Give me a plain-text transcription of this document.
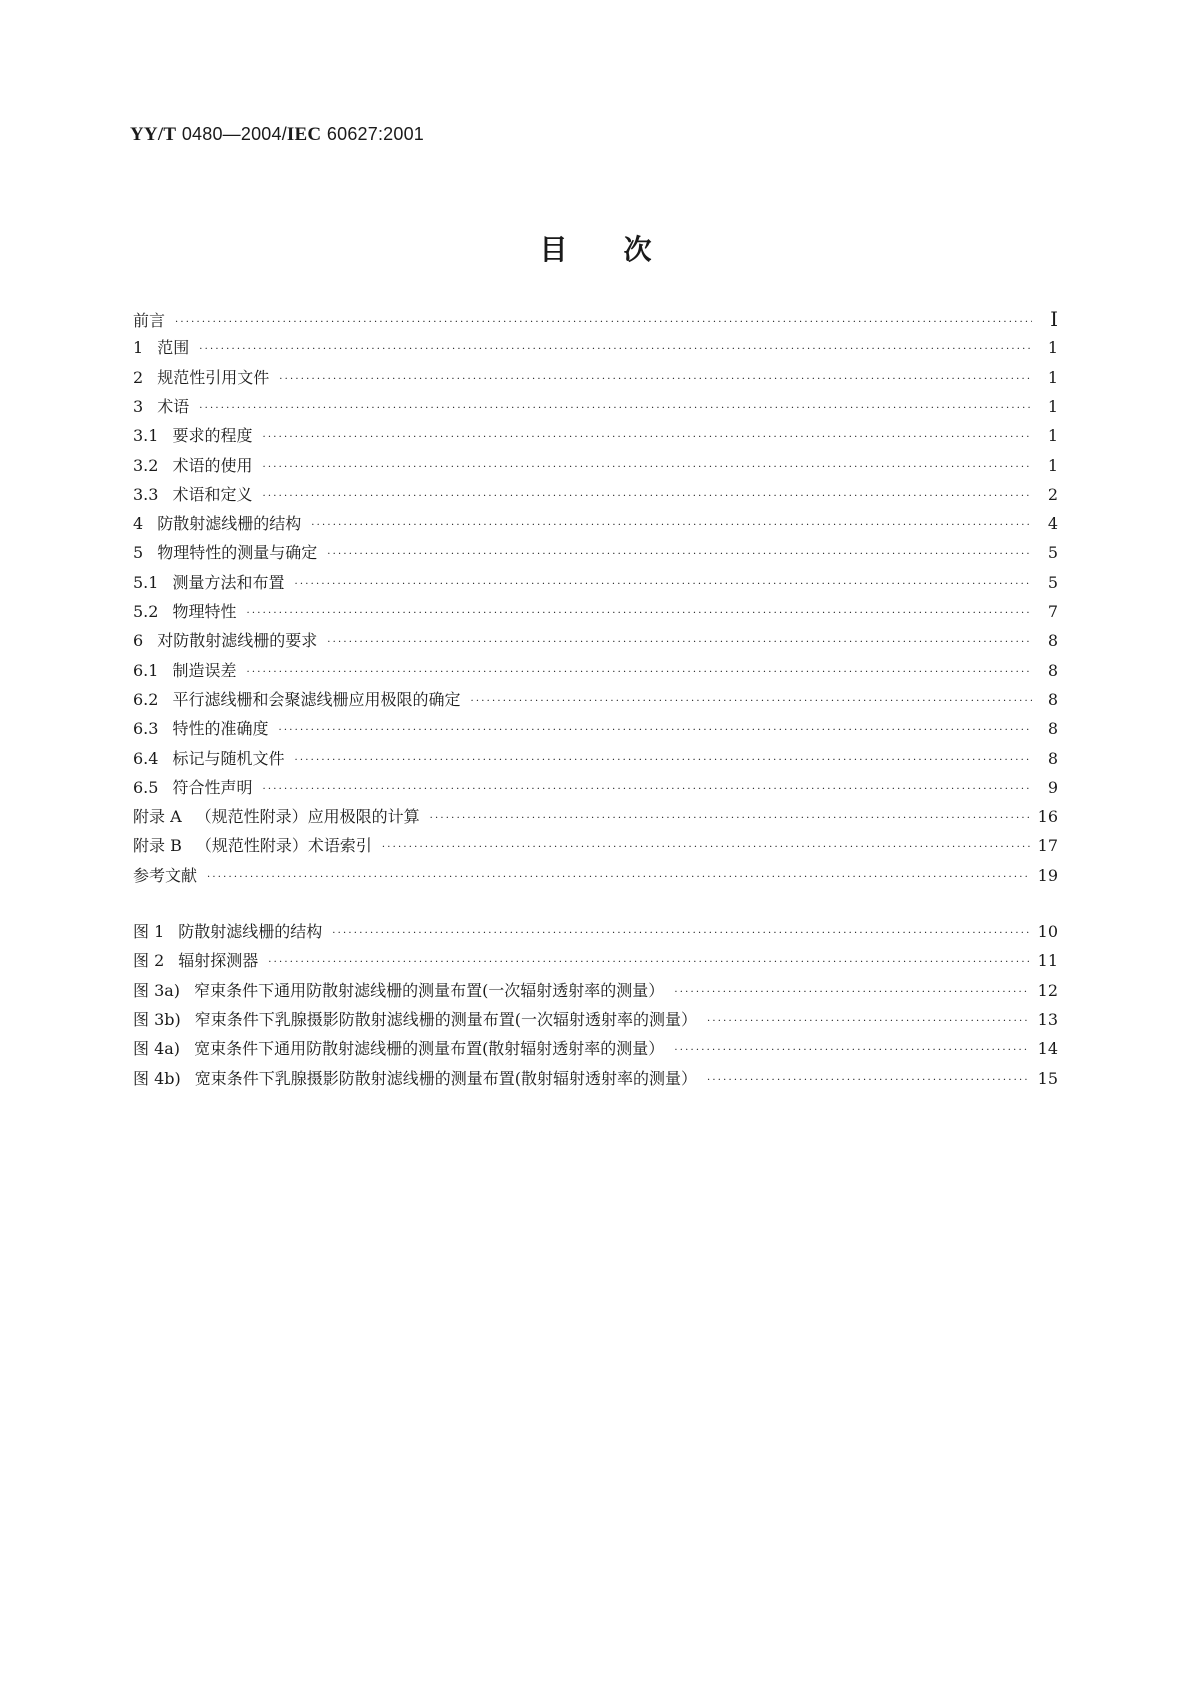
YY/T 0480—2004/IEC 60627:2001
目次
前言 ·····	I
1 范围 ·····	1
2 规范性引用文件 ·····	1
3 术语 ·····	1
3.1 要求的程度 ·····	1
3.2 术语的使用 ·····	1
3.3 术语和定义 ·····	2
4 防散射滤线栅的结构 ·····	4
5 物理特性的测量与确定 ·····	5
5.1 测量方法和布置 ·····	5
5.2 物理特性 ·····	7
6 对防散射滤线栅的要求 ·····	8
6.1 制造误差 ·····	8
6.2 平行滤线栅和会聚滤线栅应用极限的确定 ·····	8
6.3 特性的准确度 ·····	8
6.4 标记与随机文件 ·····	8
6.5 符合性声明 ·····	9
附录 A （规范性附录）应用极限的计算 ·····	16
附录 B （规范性附录）术语索引 ·····	17
参考文献 ·····	19
图 1 防散射滤线栅的结构 ·····	10
图 2 辐射探测器 ·····	11
图 3a) 窄束条件下通用防散射滤线栅的测量布置(一次辐射透射率的测量） ·····	12
图 3b) 窄束条件下乳腺摄影防散射滤线栅的测量布置(一次辐射透射率的测量） ·····	13
图 4a) 宽束条件下通用防散射滤线栅的测量布置(散射辐射透射率的测量） ·····	14
图 4b) 宽束条件下乳腺摄影防散射滤线栅的测量布置(散射辐射透射率的测量） ·····	15
